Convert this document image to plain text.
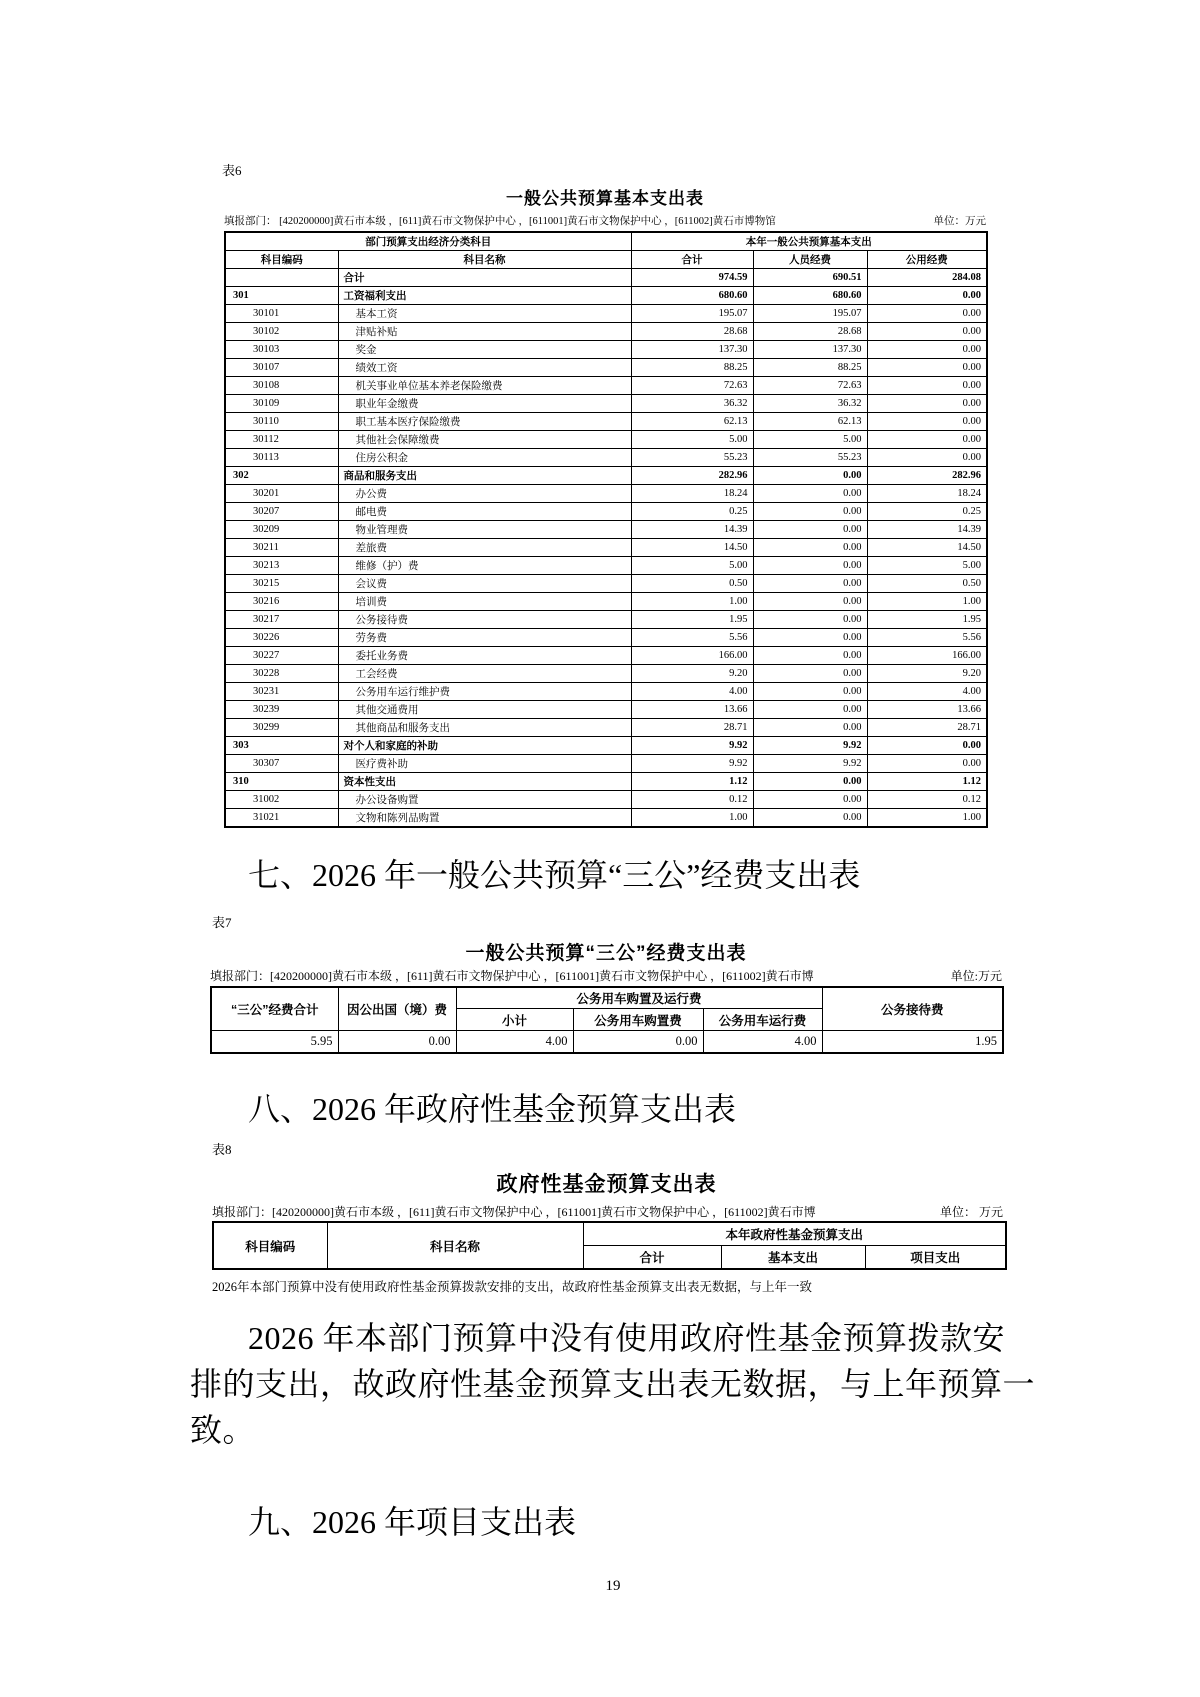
表6
一般公共预算基本支出表
填报部门： [420200000]黄石市本级 ，[611]黄石市文物保护中心 ，[611001]黄石市文物保护中心 ，[611002]黄石市博物馆	单位：万元
部门预算支出经济分类科目		本年一般公共预算基本支出		
科目编码	科目名称	合计	人员经费	公用经费
	合计	974.59	690.51	284.08
301	工资福利支出	680.60	680.60	0.00
30101	基本工资	195.07	195.07	0.00
30102	津贴补贴	28.68	28.68	0.00
30103	奖金	137.30	137.30	0.00
30107	绩效工资	88.25	88.25	0.00
30108	机关事业单位基本养老保险缴费	72.63	72.63	0.00
30109	职业年金缴费	36.32	36.32	0.00
30110	职工基本医疗保险缴费	62.13	62.13	0.00
30112	其他社会保障缴费	5.00	5.00	0.00
30113	住房公积金	55.23	55.23	0.00
302	商品和服务支出	282.96	0.00	282.96
30201	办公费	18.24	0.00	18.24
30207	邮电费	0.25	0.00	0.25
30209	物业管理费	14.39	0.00	14.39
30211	差旅费	14.50	0.00	14.50
30213	维修（护）费	5.00	0.00	5.00
30215	会议费	0.50	0.00	0.50
30216	培训费	1.00	0.00	1.00
30217	公务接待费	1.95	0.00	1.95
30226	劳务费	5.56	0.00	5.56
30227	委托业务费	166.00	0.00	166.00
30228	工会经费	9.20	0.00	9.20
30231	公务用车运行维护费	4.00	0.00	4.00
30239	其他交通费用	13.66	0.00	13.66
30299	其他商品和服务支出	28.71	0.00	28.71
303	对个人和家庭的补助	9.92	9.92	0.00
30307	医疗费补助	9.92	9.92	0.00
310	资本性支出	1.12	0.00	1.12
31002	办公设备购置	0.12	0.00	0.12
31021	文物和陈列品购置	1.00	0.00	1.00
七、2026 年一般公共预算“三公”经费支出表
表7
一般公共预算“三公”经费支出表
填报部门：[420200000]黄石市本级 ，[611]黄石市文物保护中心 ，[611001]黄石市文物保护中心 ，[611002]黄石市博	单位:万元
“三公”经费合计	因公出国（境）费	公务用车购置及运行费			公务接待费
		小计	公务用车购置费	公务用车运行费	
5.95	0.00	4.00	0.00	4.00	1.95
八、2026 年政府性基金预算支出表
表8
政府性基金预算支出表
填报部门：[420200000]黄石市本级 ，[611]黄石市文物保护中心 ，[611001]黄石市文物保护中心 ，[611002]黄石市博	单位： 万元
科目编码	科目名称	本年政府性基金预算支出		
		合计	基本支出	项目支出
2026年本部门预算中没有使用政府性基金预算拨款安排的支出，故政府性基金预算支出表无数据，与上年一致
2026 年本部门预算中没有使用政府性基金预算拨款安
排的支出，故政府性基金预算支出表无数据，与上年预算一
致。
九、2026 年项目支出表
19
